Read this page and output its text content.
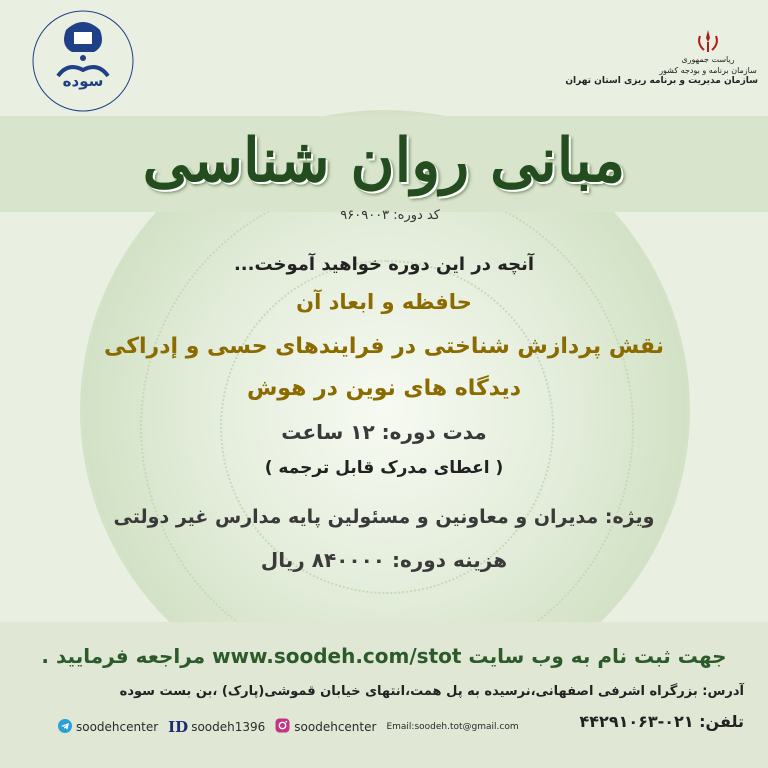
سوده
ریاست جمهوری
سازمان برنامه و بودجه کشور
سازمان مدیریت و برنامه ریزی استان تهران
مبانی روان شناسی
کد دوره: ۹۶۰۹۰۰۳
آنچه در این دوره خواهید آموخت...
حافظه و ابعاد آن
نقش پردازش شناختی در فرایندهای حسی و إدراکی
دیدگاه های نوین در هوش
مدت دوره: ۱۲ ساعت
( اعطای مدرک قابل ترجمه )
ویژه: مدیران و معاونین و مسئولین پایه مدارس غیر دولتی
هزینه دوره: ۸۴۰۰۰۰ ریال
جهت ثبت نام به وب سایت www.soodeh.com/stot مراجعه فرمایید .
آدرس: بزرگراه اشرفی اصفهانی،نرسیده به پل همت،انتهای خیابان قموشی(پارک) ،بن بست سوده
تلفن: ۰۲۱-۴۴۲۹۱۰۶۳
soodehcenter ID soodeh1396 soodehcenter Email:soodeh.tot@gmail.com
